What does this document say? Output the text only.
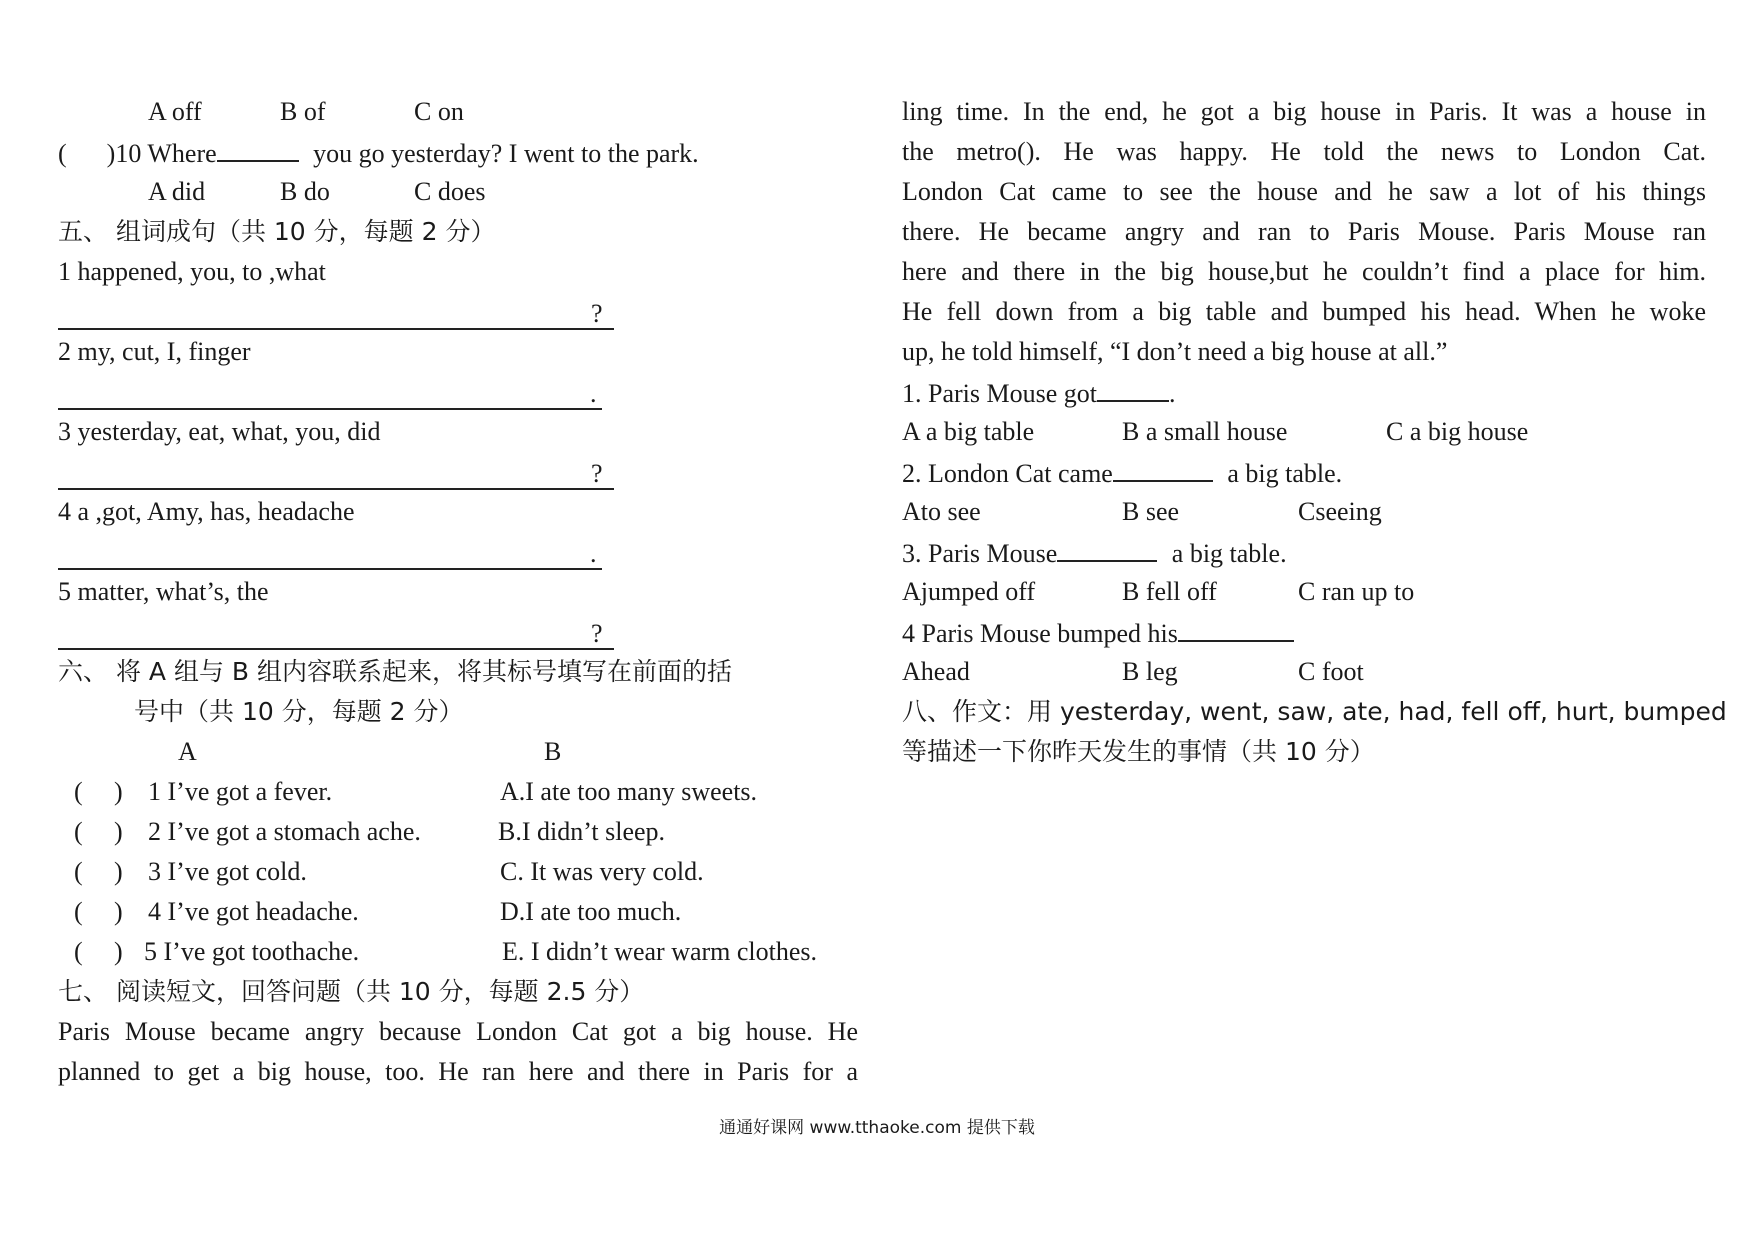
A off	B of	C on
( )10 Where	you go yesterday? I went to the park.
A did	B do	C does
五、 组词成句（共 10 分，每题 2 分）
1 happened, you, to ,what
?
2 my, cut, I, finger
.
3 yesterday, eat, what, you, did
?
4 a ,got, Amy, has, headache
.
5 matter, what’s, the
?
六、 将 A 组与 B 组内容联系起来，将其标号填写在前面的括
号中（共 10 分，每题 2 分）
A	B
( ) 1 I’ve got a fever.	A.I ate too many sweets.
( ) 2 I’ve got a stomach ache.	B.I didn’t sleep.
( ) 3 I’ve got cold.	C. It was very cold.
( ) 4 I’ve got headache.	D.I ate too much.
( ) 5 I’ve got toothache.	E. I didn’t wear warm clothes.
七、 阅读短文，回答问题（共 10 分，每题 2.5 分）
Paris Mouse became angry because London Cat got a big house. He
planned to get a big house, too. He ran here and there in Paris for a
ling time. In the end, he got a big house in Paris. It was a house in
the metro(). He was happy. He told the news to London Cat.
London Cat came to see the house and he saw a lot of his things
there. He became angry and ran to Paris Mouse. Paris Mouse ran
here and there in the big house,but he couldn’t find a place for him.
He fell down from a big table and bumped his head. When he woke
up, he told himself, “I don’t need a big house at all.”
1. Paris Mouse got	.
A a big table	B a small house	C a big house
2. London Cat came	a big table.
Ato see	B see	Cseeing
3. Paris Mouse	a big table.
Ajumped off	B fell off	C ran up to
4 Paris Mouse bumped his
Ahead	B leg	C foot
八、作文：用 yesterday, went, saw, ate, had, fell off, hurt, bumped
等描述一下你昨天发生的事情（共 10 分）
通通好课网 www.tthaoke.com 提供下载
